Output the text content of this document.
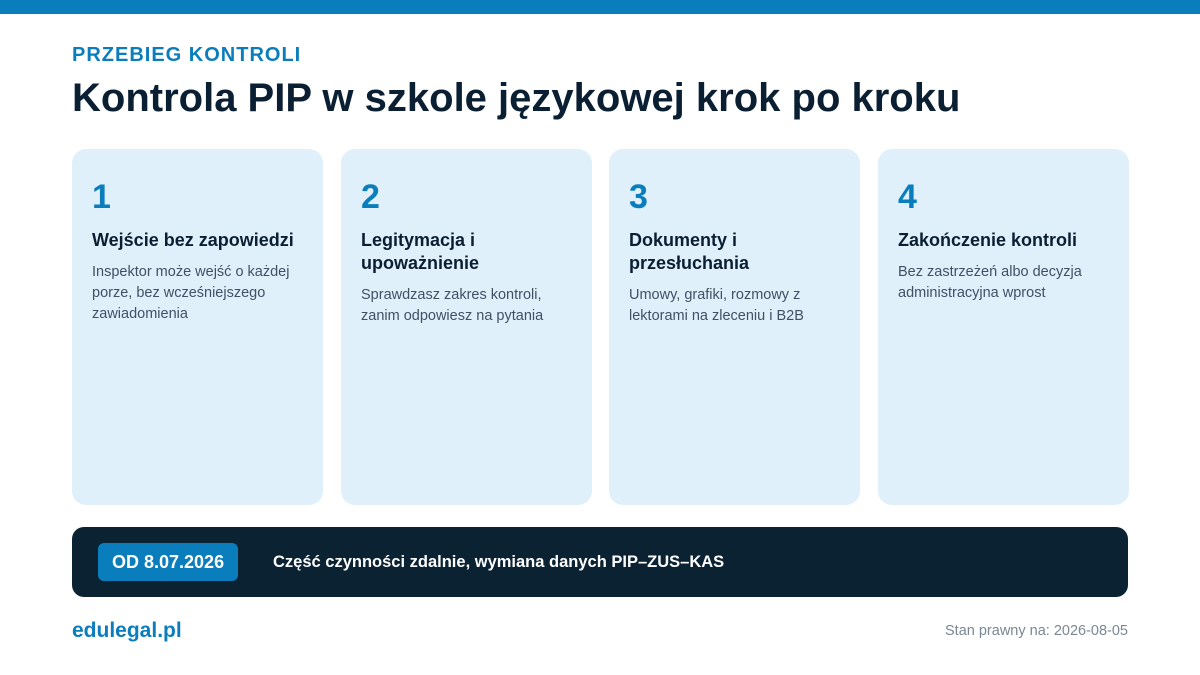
PRZEBIEG KONTROLI
Kontrola PIP w szkole językowej krok po kroku
1
Wejście bez zapowiedzi
Inspektor może wejść o każdej porze, bez wcześniejszego zawiadomienia
2
Legitymacja i upoważnienie
Sprawdzasz zakres kontroli, zanim odpowiesz na pytania
3
Dokumenty i przesłuchania
Umowy, grafiki, rozmowy z lektorami na zleceniu i B2B
4
Zakończenie kontroli
Bez zastrzeżeń albo decyzja administracyjna wprost
OD 8.07.2026	Część czynności zdalnie, wymiana danych PIP–ZUS–KAS
edulegal.pl	Stan prawny na: 2026-08-05
